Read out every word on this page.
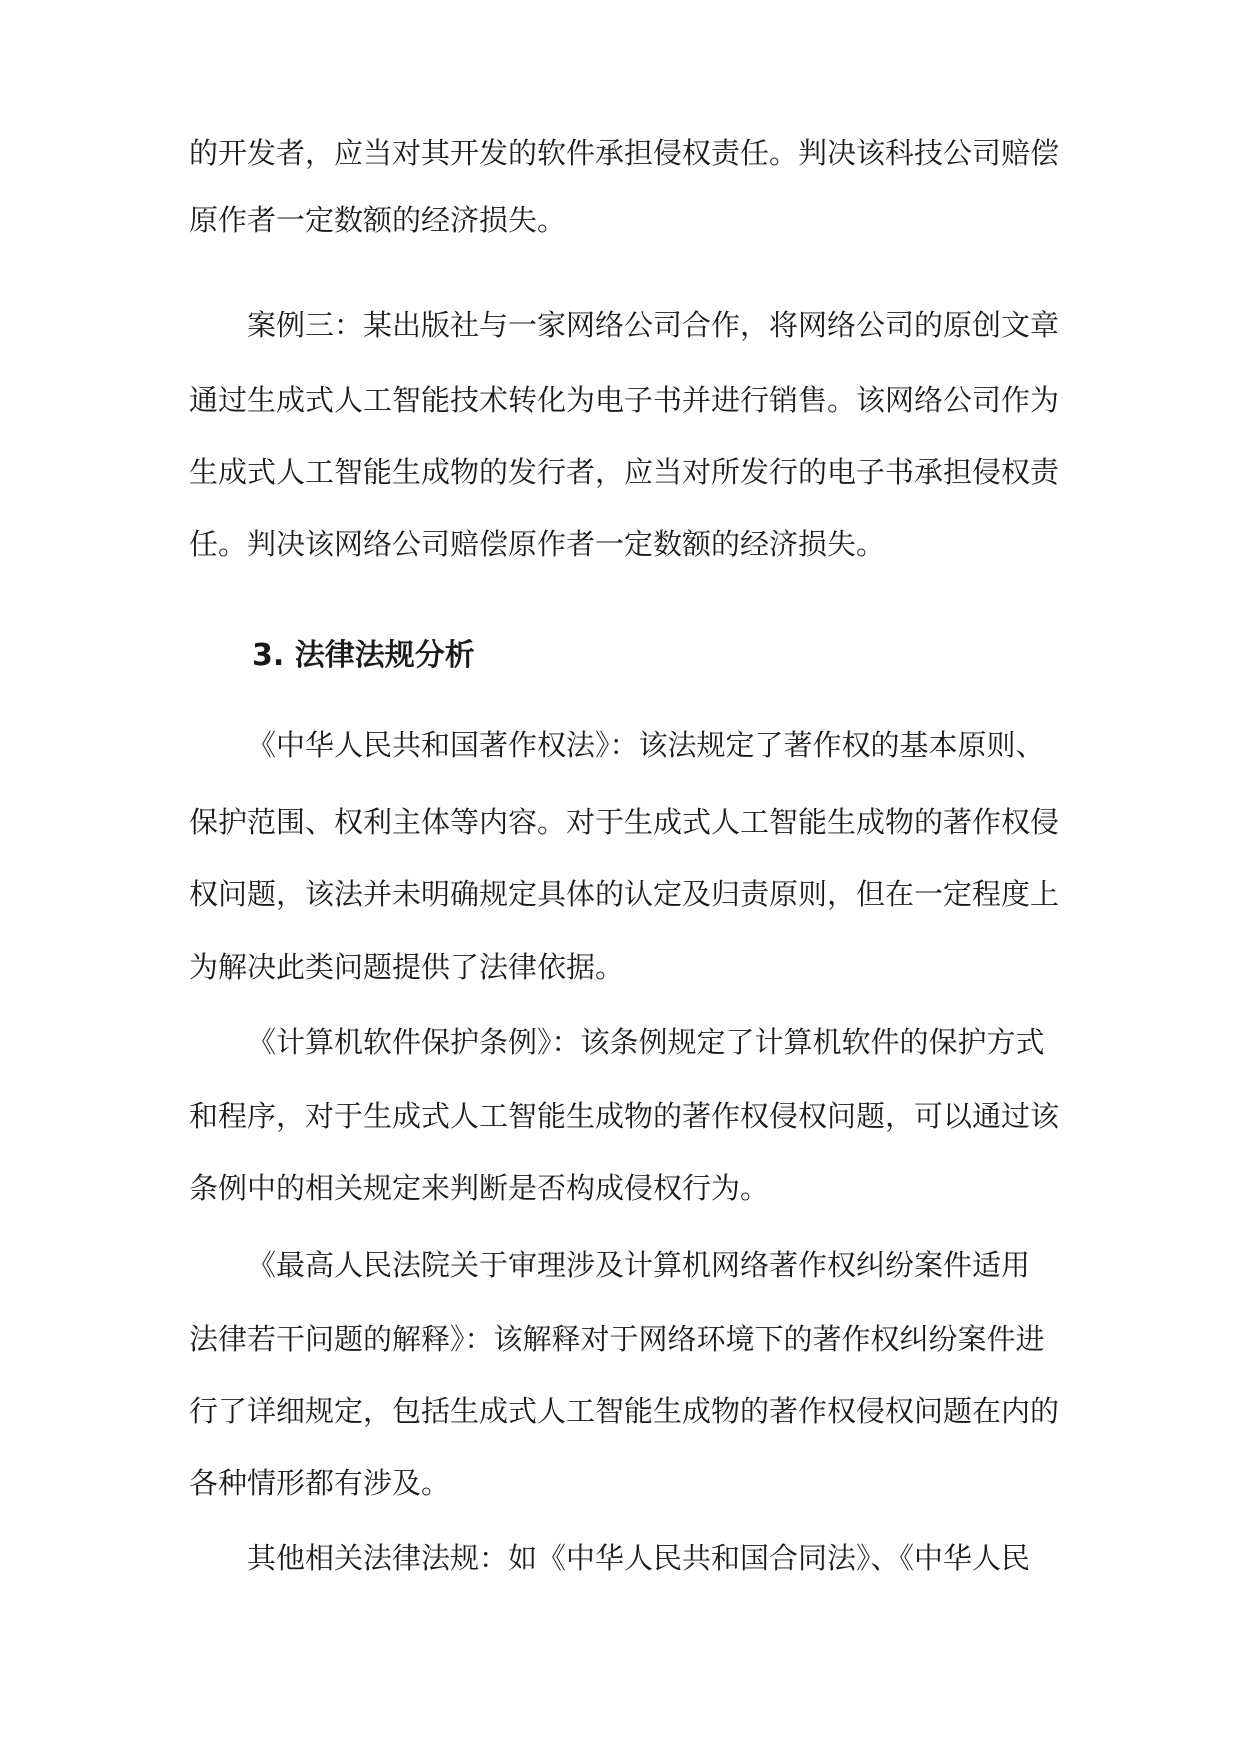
的开发者，应当对其开发的软件承担侵权责任。判决该科技公司赔偿
原作者一定数额的经济损失。
案例三：某出版社与一家网络公司合作，将网络公司的原创文章
通过生成式人工智能技术转化为电子书并进行销售。该网络公司作为
生成式人工智能生成物的发行者，应当对所发行的电子书承担侵权责
任。判决该网络公司赔偿原作者一定数额的经济损失。
3. 法律法规分析
《中华人民共和国著作权法》：该法规定了著作权的基本原则、
保护范围、权利主体等内容。对于生成式人工智能生成物的著作权侵
权问题，该法并未明确规定具体的认定及归责原则，但在一定程度上
为解决此类问题提供了法律依据。
《计算机软件保护条例》：该条例规定了计算机软件的保护方式
和程序，对于生成式人工智能生成物的著作权侵权问题，可以通过该
条例中的相关规定来判断是否构成侵权行为。
《最高人民法院关于审理涉及计算机网络著作权纠纷案件适用
法律若干问题的解释》：该解释对于网络环境下的著作权纠纷案件进
行了详细规定，包括生成式人工智能生成物的著作权侵权问题在内的
各种情形都有涉及。
其他相关法律法规：如《中华人民共和国合同法》、《中华人民
